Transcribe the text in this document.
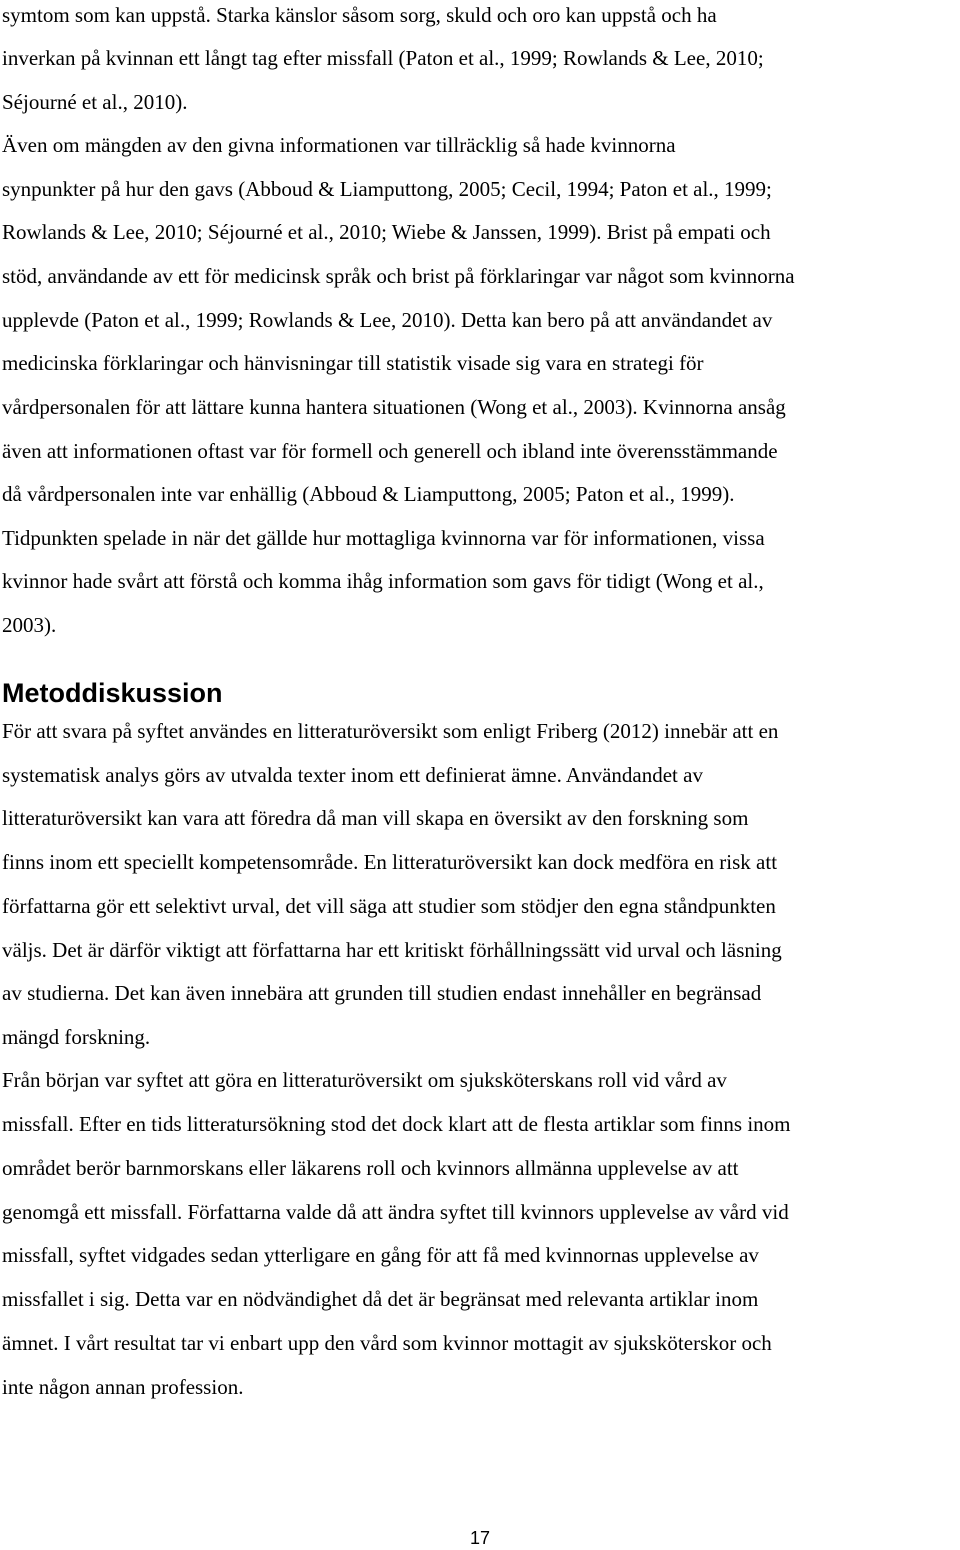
symtom som kan uppstå. Starka känslor såsom sorg, skuld och oro kan uppstå och ha

inverkan på kvinnan ett långt tag efter missfall (Paton et al., 1999; Rowlands & Lee, 2010;

Séjourné et al., 2010).

Även om mängden av den givna informationen var tillräcklig så hade kvinnorna

synpunkter på hur den gavs (Abboud & Liamputtong, 2005; Cecil, 1994; Paton et al., 1999;

Rowlands & Lee, 2010; Séjourné et al., 2010; Wiebe & Janssen, 1999). Brist på empati och

stöd, användande av ett för medicinsk språk och brist på förklaringar var något som kvinnorna

upplevde (Paton et al., 1999; Rowlands & Lee, 2010). Detta kan bero på att användandet av

medicinska förklaringar och hänvisningar till statistik visade sig vara en strategi för

vårdpersonalen för att lättare kunna hantera situationen (Wong et al., 2003). Kvinnorna ansåg

även att informationen oftast var för formell och generell och ibland inte överensstämmande

då vårdpersonalen inte var enhällig (Abboud & Liamputtong, 2005; Paton et al., 1999).

Tidpunkten spelade in när det gällde hur mottagliga kvinnorna var för informationen, vissa

kvinnor hade svårt att förstå och komma ihåg information som gavs för tidigt (Wong et al.,

2003).

Metoddiskussion

För att svara på syftet användes en litteraturöversikt som enligt Friberg (2012) innebär att en

systematisk analys görs av utvalda texter inom ett definierat ämne. Användandet av

litteraturöversikt kan vara att föredra då man vill skapa en översikt av den forskning som

finns inom ett speciellt kompetensområde. En litteraturöversikt kan dock medföra en risk att

författarna gör ett selektivt urval, det vill säga att studier som stödjer den egna ståndpunkten

väljs. Det är därför viktigt att författarna har ett kritiskt förhållningssätt vid urval och läsning

av studierna. Det kan även innebära att grunden till studien endast innehåller en begränsad

mängd forskning.

Från början var syftet att göra en litteraturöversikt om sjuksköterskans roll vid vård av

missfall. Efter en tids litteratursökning stod det dock klart att de flesta artiklar som finns inom

området berör barnmorskans eller läkarens roll och kvinnors allmänna upplevelse av att

genomgå ett missfall. Författarna valde då att ändra syftet till kvinnors upplevelse av vård vid

missfall, syftet vidgades sedan ytterligare en gång för att få med kvinnornas upplevelse av

missfallet i sig. Detta var en nödvändighet då det är begränsat med relevanta artiklar inom

ämnet. I vårt resultat tar vi enbart upp den vård som kvinnor mottagit av sjuksköterskor och

inte någon annan profession.

17
